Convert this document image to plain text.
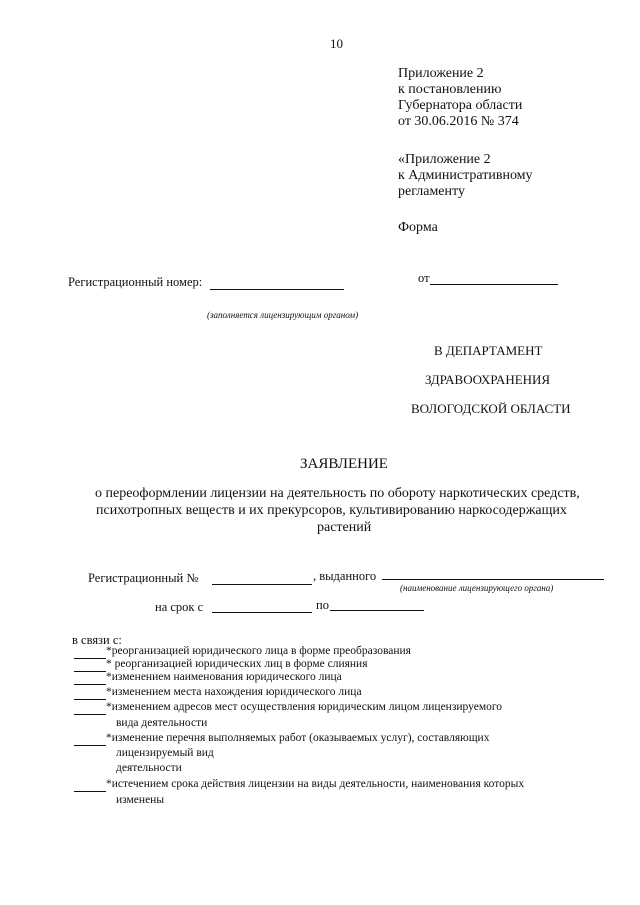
10
Приложение 2
к постановлению
Губернатора области
от 30.06.2016 № 374
«Приложение 2
к Административному
регламенту
Форма
Регистрационный номер:	от
(заполняется лицензирующим органом)
В ДЕПАРТАМЕНТ
ЗДРАВООХРАНЕНИЯ
ВОЛОГОДСКОЙ ОБЛАСТИ
ЗАЯВЛЕНИЕ
о переоформлении лицензии на деятельность по обороту наркотических средств,
психотропных веществ и их прекурсоров, культивированию наркосодержащих
растений
Регистрационный №	, выданного
(наименование лицензирующего органа)
на срок с	по
в связи с:
*реорганизацией юридического лица в форме преобразования
* реорганизацией юридических лиц в форме слияния
*изменением наименования юридического лица
*изменением места нахождения юридического лица
*изменением адресов мест осуществления юридическим лицом лицензируемого
вида деятельности
*изменение перечня выполняемых работ (оказываемых услуг), составляющих
лицензируемый вид
деятельности
*истечением срока действия лицензии на виды деятельности, наименования которых
изменены
